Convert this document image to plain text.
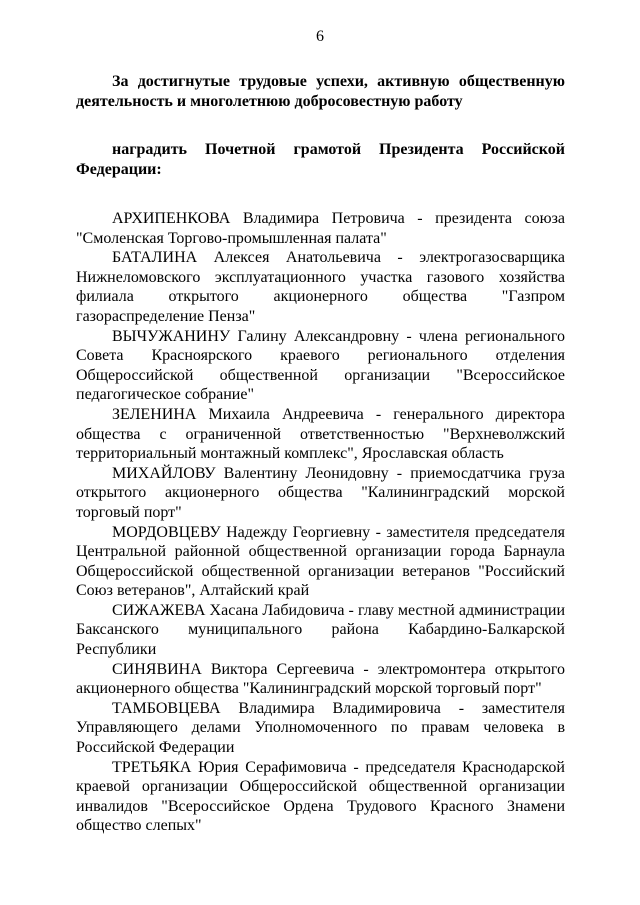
6

За достигнутые трудовые успехи, активную общественную деятельность и многолетнюю добросовестную работу

наградить Почетной грамотой Президента Российской Федерации:

АРХИПЕНКОВА Владимира Петровича - президента союза "Смоленская Торгово-промышленная палата"

БАТАЛИНА Алексея Анатольевича - электрогазосварщика Нижнеломовского эксплуатационного участка газового хозяйства филиала открытого акционерного общества "Газпром газораспределение Пенза"

ВЫЧУЖАНИНУ Галину Александровну - члена регионального Совета Красноярского краевого регионального отделения Общероссийской общественной организации "Всероссийское педагогическое собрание"

ЗЕЛЕНИНА Михаила Андреевича - генерального директора общества с ограниченной ответственностью "Верхневолжский территориальный монтажный комплекс", Ярославская область

МИХАЙЛОВУ Валентину Леонидовну - приемосдатчика груза открытого акционерного общества "Калининградский морской торговый порт"

МОРДОВЦЕВУ Надежду Георгиевну - заместителя председателя Центральной районной общественной организации города Барнаула Общероссийской общественной организации ветеранов "Российский Союз ветеранов", Алтайский край

СИЖАЖЕВА Хасана Лабидовича - главу местной администрации Баксанского муниципального района Кабардино-Балкарской Республики

СИНЯВИНА Виктора Сергеевича - электромонтера открытого акционерного общества "Калининградский морской торговый порт"

ТАМБОВЦЕВА Владимира Владимировича - заместителя Управляющего делами Уполномоченного по правам человека в Российской Федерации

ТРЕТЬЯКА Юрия Серафимовича - председателя Краснодарской краевой организации Общероссийской общественной организации инвалидов "Всероссийское Ордена Трудового Красного Знамени общество слепых"
